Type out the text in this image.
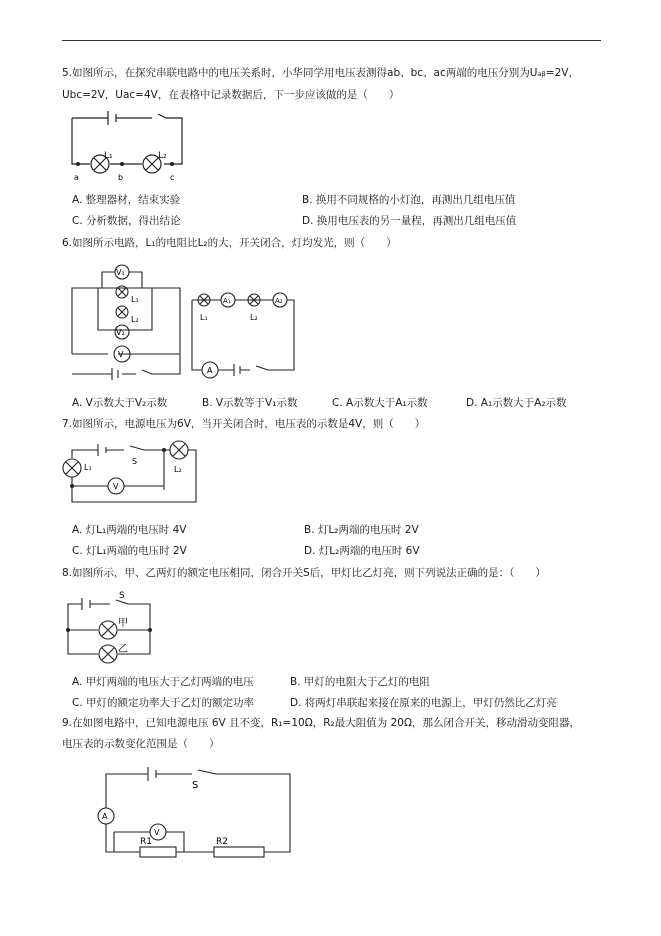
5.如图所示，在探究串联电路中的电压关系时，小华同学用电压表测得ab、bc、ac两端的电压分别为Uₐᵦ=2V，
Ubc=2V，Uac=4V，在表格中记录数据后，下一步应该做的是（　　）
L₁	L₂
a	b	c
A. 整理器材，结束实验	B. 换用不同规格的小灯泡，再测出几组电压值
C. 分析数据，得出结论	D. 换用电压表的另一量程，再测出几组电压值
6.如图所示电路，L₁的电阻比L₂的大，开关闭合，灯均发光，则（　　）
V₁
L₁
V₂
L₂
V
L₁
A₁
L₂
A₂
A
A. V示数大于V₂示数	B. V示数等于V₁示数	C. A示数大于A₁示数	D. A₁示数大于A₂示数
7.如图所示，电源电压为6V，当开关闭合时，电压表的示数是4V，则（　　）
L₁
S
L₂
V
A. 灯L₁两端的电压时 4V	B. 灯L₂两端的电压时 2V
C. 灯L₁两端的电压时 2V	D. 灯L₂两端的电压时 6V
8.如图所示，甲、乙两灯的额定电压相同，闭合开关S后，甲灯比乙灯亮，则下列说法正确的是：（　　）
S
甲
乙
A. 甲灯两端的电压大于乙灯两端的电压	B. 甲灯的电阻大于乙灯的电阻
C. 甲灯的额定功率大于乙灯的额定功率	D. 将两灯串联起来接在原来的电源上，甲灯仍然比乙灯亮
9.在如图电路中，已知电源电压 6V 且不变，R₁=10Ω，R₂最大阻值为 20Ω，那么闭合开关，移动滑动变阻器，
电压表的示数变化范围是（　　）
S
A
V
R1	R2
